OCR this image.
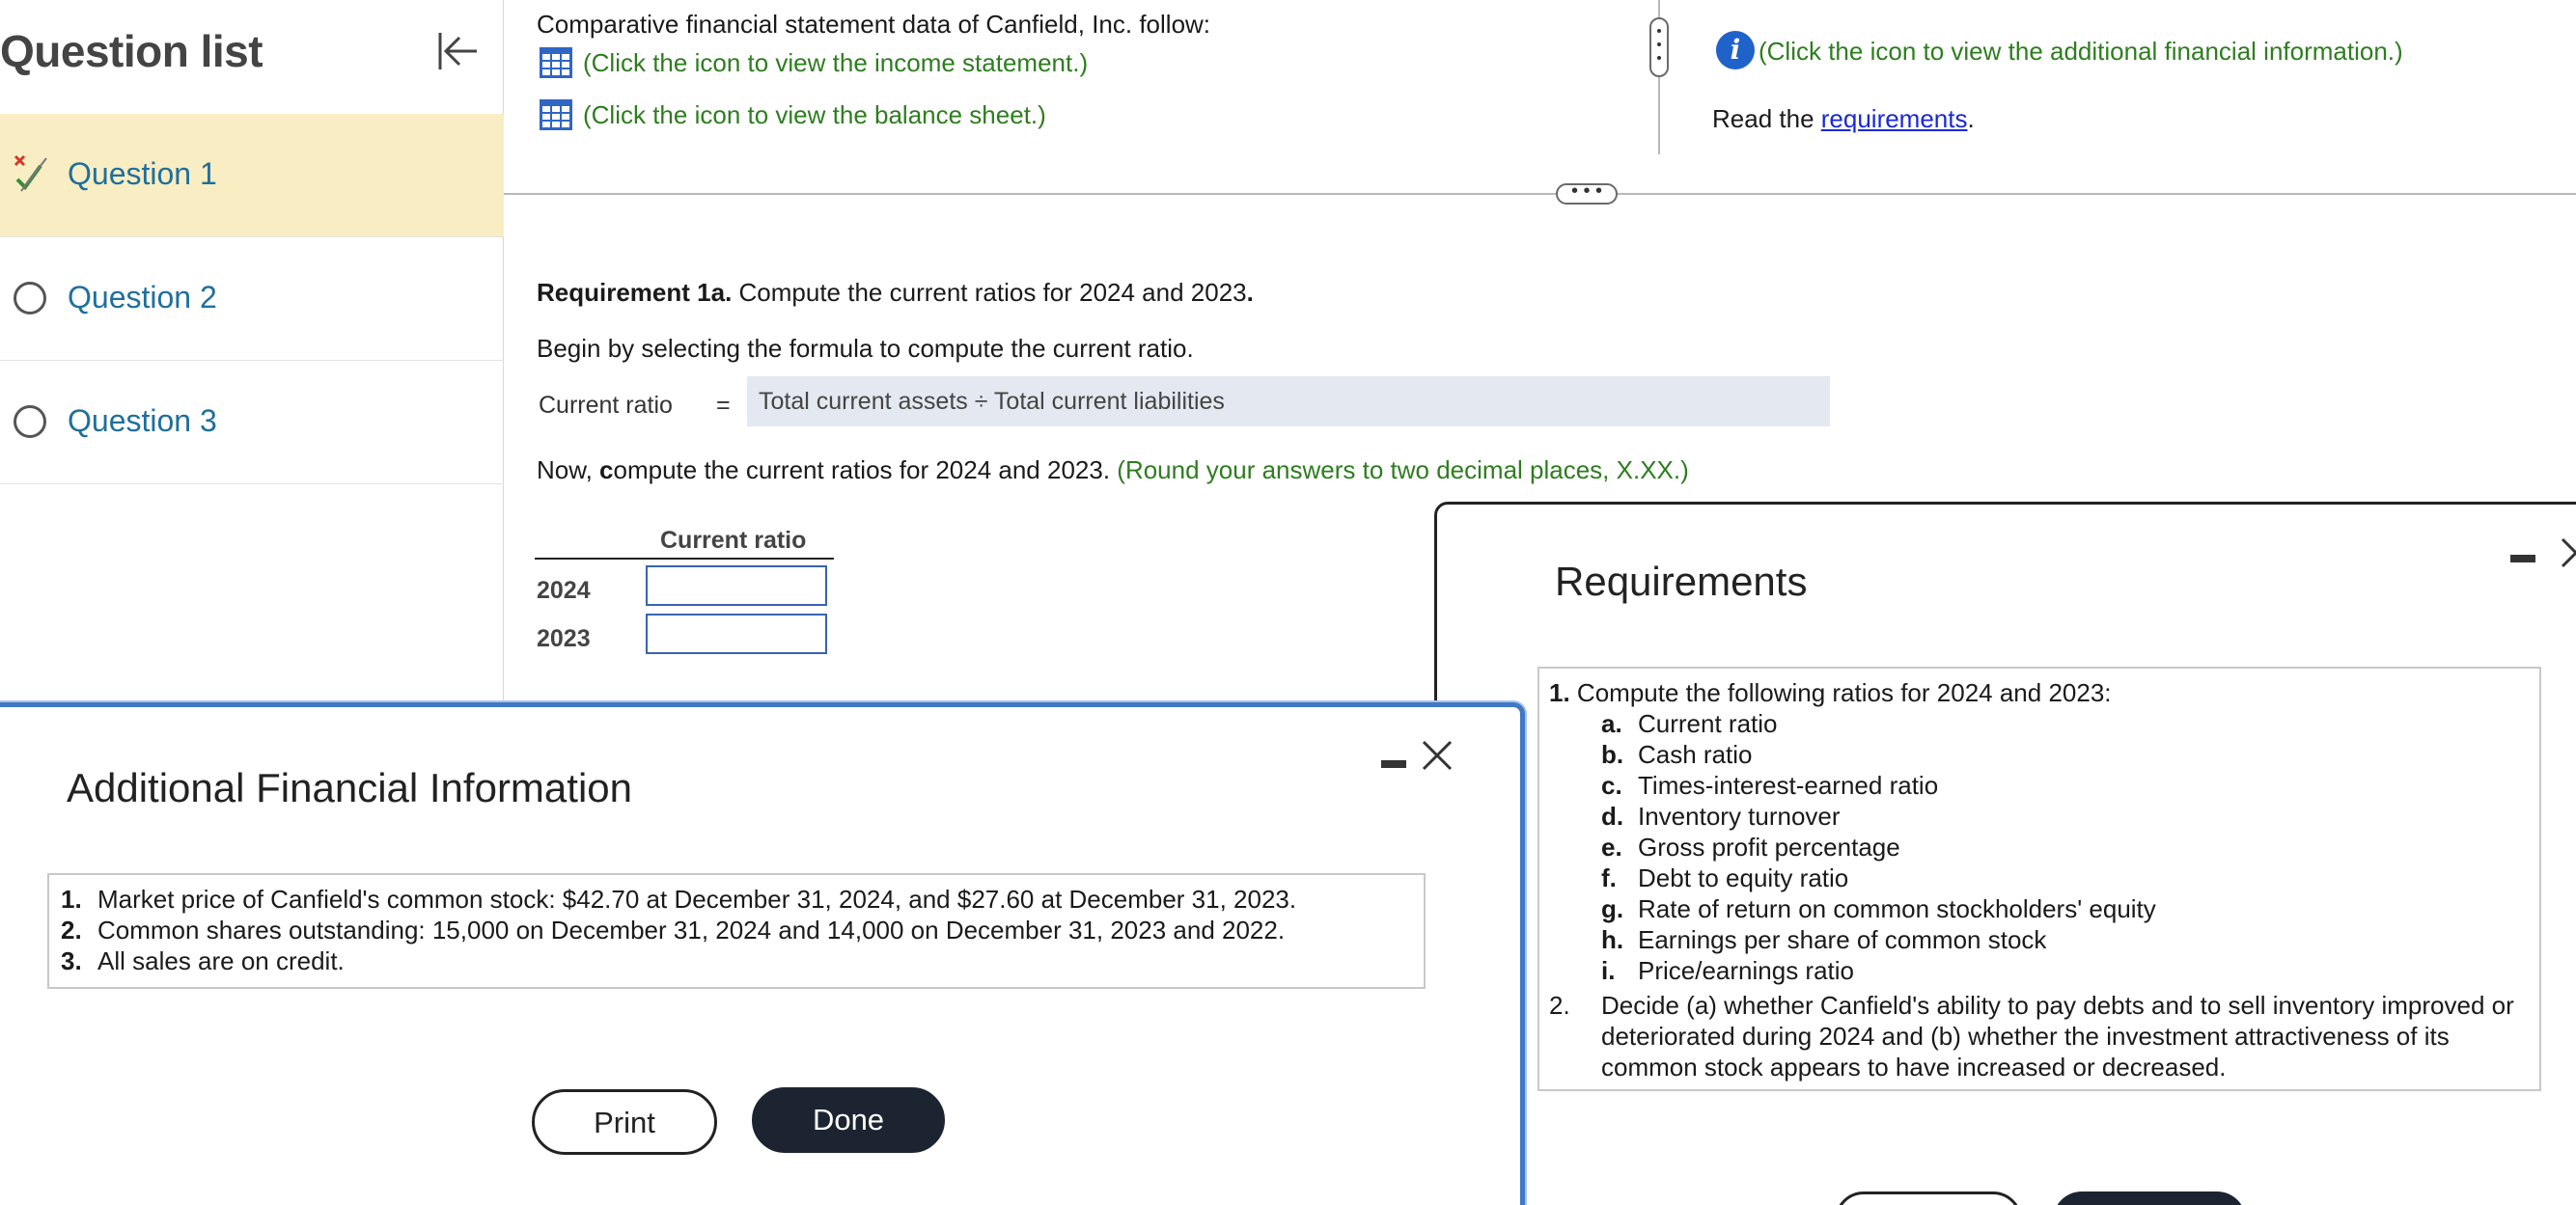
Question list
Question 1
Question 2
Question 3
Comparative financial statement data of Canfield, Inc. follow:
(Click the icon to view the income statement.)
(Click the icon to view the balance sheet.)
i (Click the icon to view the additional financial information.)
Read the requirements.
• • •
Requirement 1a. Compute the current ratios for 2024 and 2023.
Begin by selecting the formula to compute the current ratio.
Current ratio = Total current assets ÷ Total current liabilities
Now, compute the current ratios for 2024 and 2023. (Round your answers to two decimal places, X.XX.)
Current ratio
2024
2023
Requirements
1. Compute the following ratios for 2024 and 2023:
a. Current ratio
b. Cash ratio
c. Times-interest-earned ratio
d. Inventory turnover
e. Gross profit percentage
f. Debt to equity ratio
g. Rate of return on common stockholders' equity
h. Earnings per share of common stock
i. Price/earnings ratio
2. Decide (a) whether Canfield's ability to pay debts and to sell inventory improved or
deteriorated during 2024 and (b) whether the investment attractiveness of its
common stock appears to have increased or decreased.
Additional Financial Information
1. Market price of Canfield's common stock: $42.70 at December 31, 2024, and $27.60 at December 31, 2023.
2. Common shares outstanding: 15,000 on December 31, 2024 and 14,000 on December 31, 2023 and 2022.
3. All sales are on credit.
Print	Done
